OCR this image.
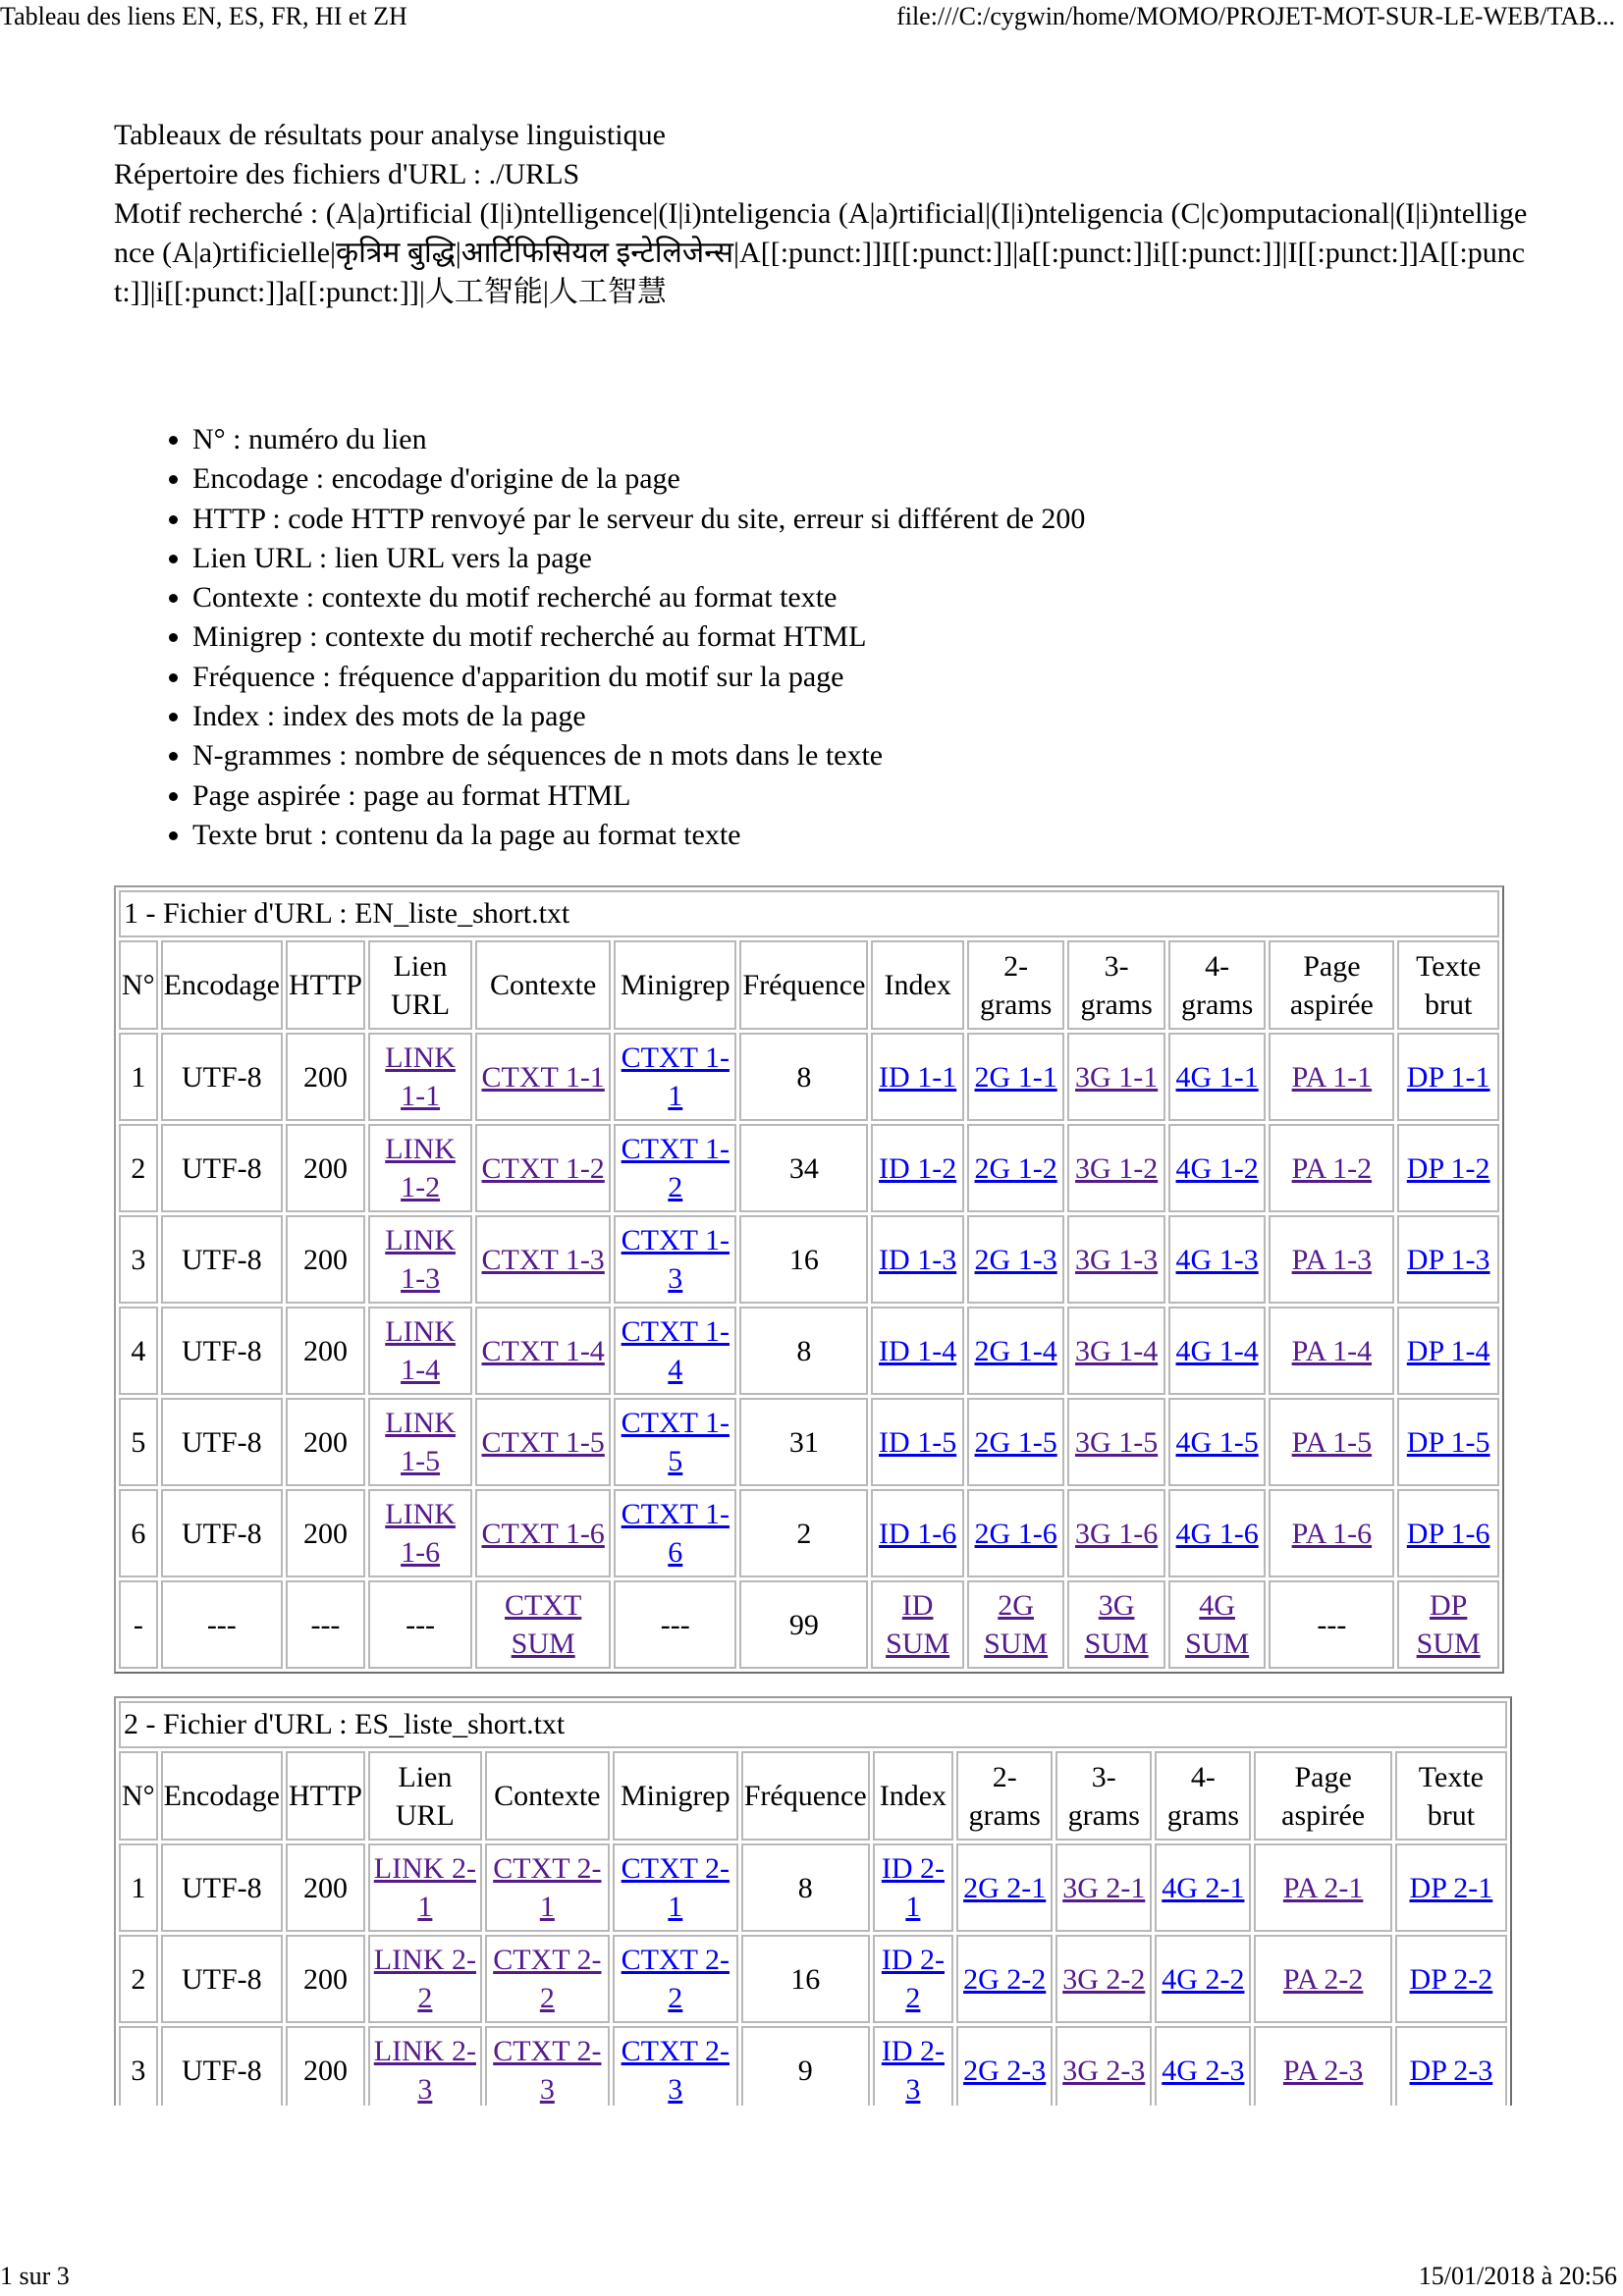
Tableau des liens EN, ES, FR, HI et ZH	file:///C:/cygwin/home/MOMO/PROJET-MOT-SUR-LE-WEB/TAB...

Tableaux de résultats pour analyse linguistique

Répertoire des fichiers d'URL : ./URLS

Motif recherché : (A|a)rtificial (I|i)ntelligence|(I|i)nteligencia (A|a)rtificial|(I|i)nteligencia (C|c)omputacional|(I|i)ntelligence (A|a)rtificielle|कृत्रिम बुद्धि|आर्टिफिसियल इन्टेलिजेन्स|A[[:punct:]]I[[:punct:]]|a[[:punct:]]i[[:punct:]]|I[[:punct:]]A[[:punct:]]|i[[:punct:]]a[[:punct:]]|人工智能|人工智慧

• N° : numéro du lien
• Encodage : encodage d'origine de la page
• HTTP : code HTTP renvoyé par le serveur du site, erreur si différent de 200
• Lien URL : lien URL vers la page
• Contexte : contexte du motif recherché au format texte
• Minigrep : contexte du motif recherché au format HTML
• Fréquence : fréquence d'apparition du motif sur la page
• Index : index des mots de la page
• N-grammes : nombre de séquences de n mots dans le texte
• Page aspirée : page au format HTML
• Texte brut : contenu da la page au format texte
1 - Fichier d'URL : EN_liste_short.txt												
N°	Encodage	HTTP	Lien URL	Contexte	Minigrep	Fréquence	Index	2-grams	3-grams	4-grams	Page aspirée	Texte brut
1	UTF-8	200	LINK 1-1	CTXT 1-1	CTXT 1-1	8	ID 1-1	2G 1-1	3G 1-1	4G 1-1	PA 1-1	DP 1-1
2	UTF-8	200	LINK 1-2	CTXT 1-2	CTXT 1-2	34	ID 1-2	2G 1-2	3G 1-2	4G 1-2	PA 1-2	DP 1-2
3	UTF-8	200	LINK 1-3	CTXT 1-3	CTXT 1-3	16	ID 1-3	2G 1-3	3G 1-3	4G 1-3	PA 1-3	DP 1-3
4	UTF-8	200	LINK 1-4	CTXT 1-4	CTXT 1-4	8	ID 1-4	2G 1-4	3G 1-4	4G 1-4	PA 1-4	DP 1-4
5	UTF-8	200	LINK 1-5	CTXT 1-5	CTXT 1-5	31	ID 1-5	2G 1-5	3G 1-5	4G 1-5	PA 1-5	DP 1-5
6	UTF-8	200	LINK 1-6	CTXT 1-6	CTXT 1-6	2	ID 1-6	2G 1-6	3G 1-6	4G 1-6	PA 1-6	DP 1-6
-	---	---	---	CTXT SUM	---	99	ID SUM	2G SUM	3G SUM	4G SUM	---	DP SUM
2 - Fichier d'URL : ES_liste_short.txt												
N°	Encodage	HTTP	Lien URL	Contexte	Minigrep	Fréquence	Index	2-grams	3-grams	4-grams	Page aspirée	Texte brut
1	UTF-8	200	LINK 2-1	CTXT 2-1	CTXT 2-1	8	ID 2-1	2G 2-1	3G 2-1	4G 2-1	PA 2-1	DP 2-1
2	UTF-8	200	LINK 2-2	CTXT 2-2	CTXT 2-2	16	ID 2-2	2G 2-2	3G 2-2	4G 2-2	PA 2-2	DP 2-2
3	UTF-8	200	LINK 2-3	CTXT 2-3	CTXT 2-3	9	ID 2-3	2G 2-3	3G 2-3	4G 2-3	PA 2-3	DP 2-3
1 sur 3	15/01/2018 à 20:56
